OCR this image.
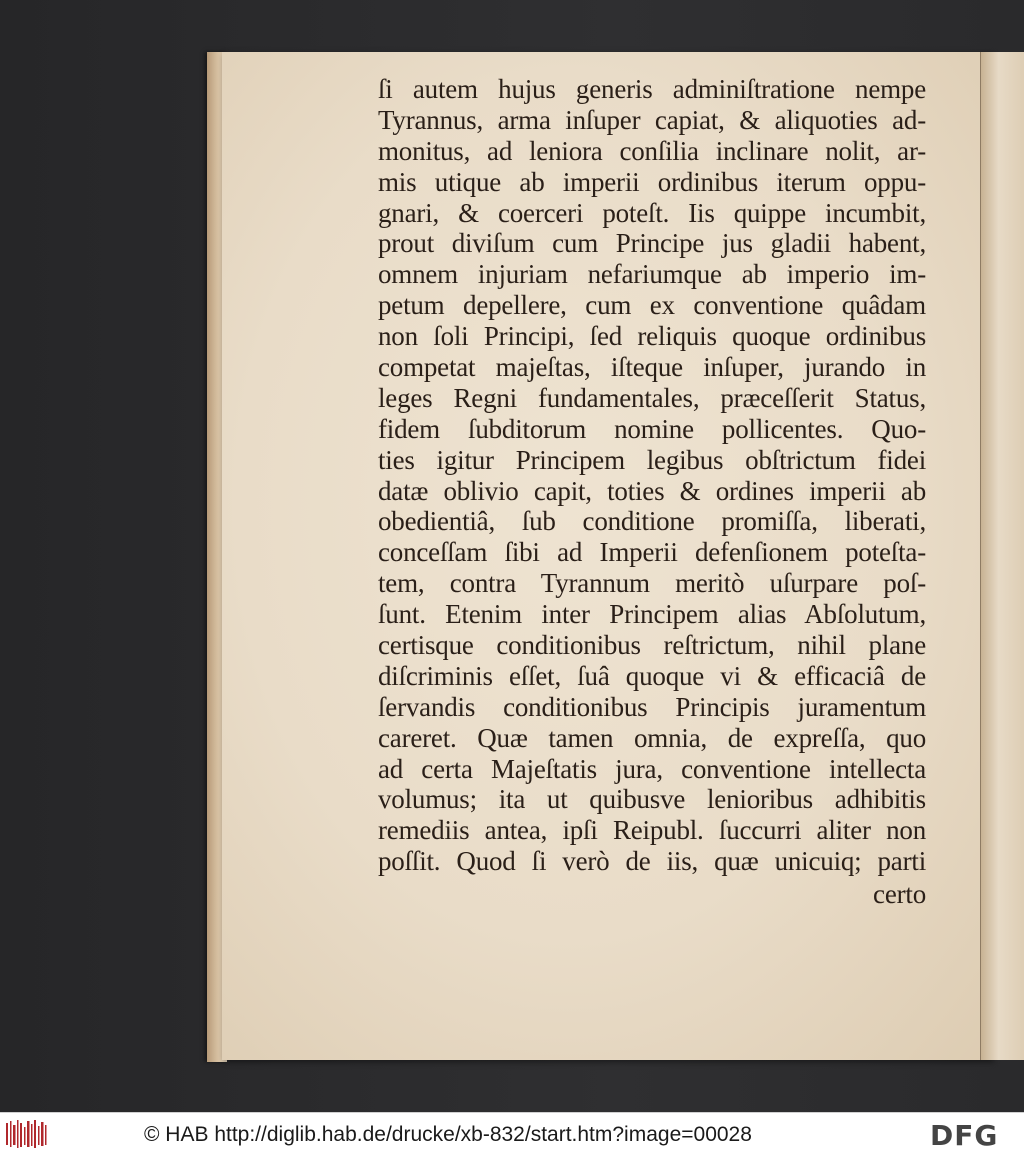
ſi autem hujus generis adminiſtratione nempe
Tyrannus, arma inſuper capiat, & aliquoties ad-
monitus, ad leniora conſilia inclinare nolit, ar-
mis utique ab imperii ordinibus iterum oppu-
gnari, & coerceri poteſt. Iis quippe incumbit,
prout diviſum cum Principe jus gladii habent,
omnem injuriam nefariumque ab imperio im-
petum depellere, cum ex conventione quâdam
non ſoli Principi, ſed reliquis quoque ordinibus
competat majeſtas, iſteque inſuper, jurando in
leges Regni fundamentales, præceſſerit Status,
fidem ſubditorum nomine pollicentes. Quo-
ties igitur Principem legibus obſtrictum fidei
datæ oblivio capit, toties & ordines imperii ab
obedientiâ, ſub conditione promiſſa, liberati,
conceſſam ſibi ad Imperii defenſionem poteſta-
tem, contra Tyrannum meritò uſurpare poſ-
ſunt. Etenim inter Principem alias Abſolutum,
certisque conditionibus reſtrictum, nihil plane
diſcriminis eſſet, ſuâ quoque vi & efficaciâ de
ſervandis conditionibus Principis juramentum
careret. Quæ tamen omnia, de expreſſa, quo
ad certa Majeſtatis jura, conventione intellecta
volumus; ita ut quibusve lenioribus adhibitis
remediis antea, ipſi Reipubl. ſuccurri aliter non
poſſit. Quod ſi verò de iis, quæ unicuiq; parti
certo
© HAB http://diglib.hab.de/drucke/xb-832/start.htm?image=00028	DFG
